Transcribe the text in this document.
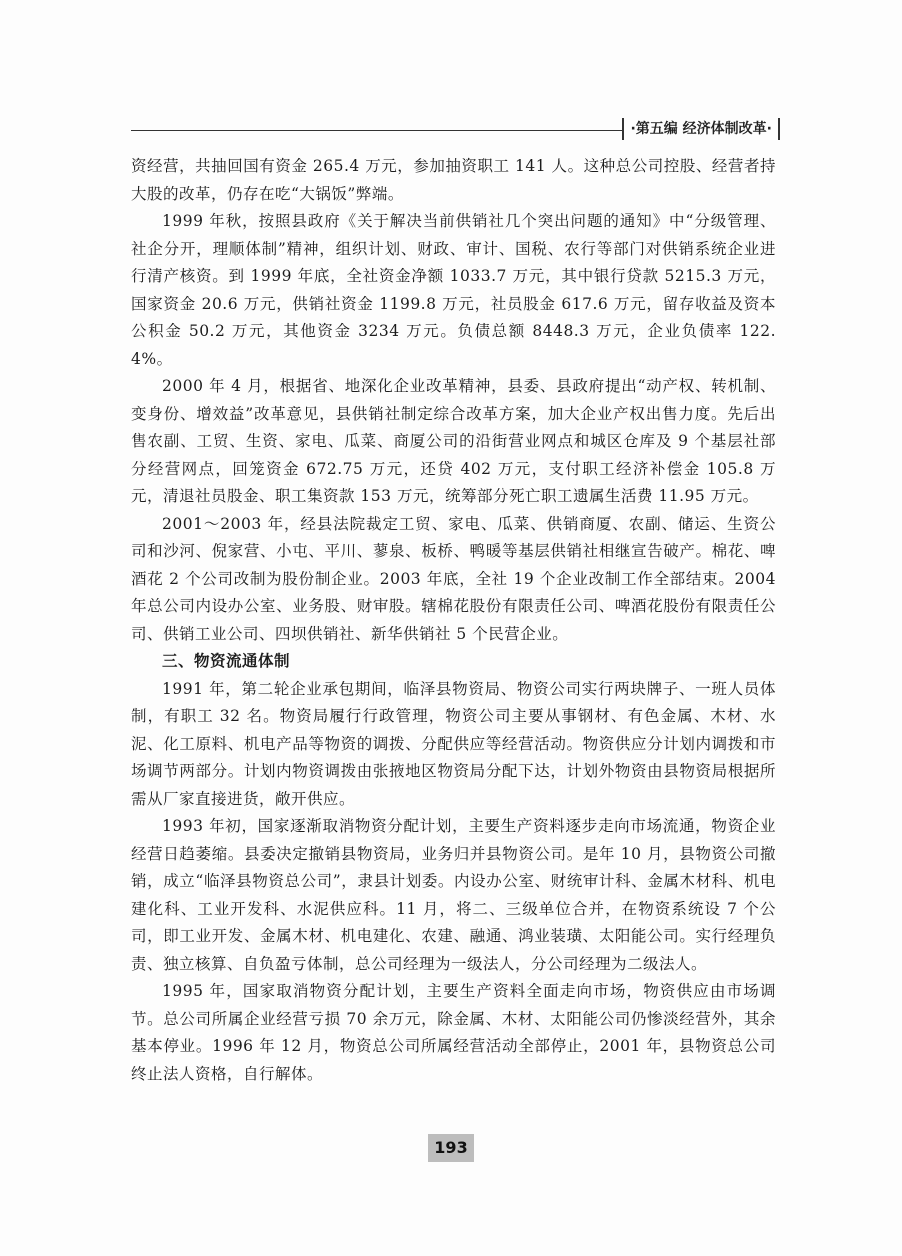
·第五编 经济体制改革·

资经营，共抽回国有资金 265.4 万元，参加抽资职工 141 人。这种总公司控股、经营者持大股的改革，仍存在吃“大锅饭”弊端。

1999 年秋，按照县政府《关于解决当前供销社几个突出问题的通知》中“分级管理、社企分开，理顺体制”精神，组织计划、财政、审计、国税、农行等部门对供销系统企业进行清产核资。到 1999 年底，全社资金净额 1033.7 万元，其中银行贷款 5215.3 万元，国家资金 20.6 万元，供销社资金 1199.8 万元，社员股金 617.6 万元，留存收益及资本公积金 50.2 万元，其他资金 3234 万元。负债总额 8448.3 万元，企业负债率 122.4%。

2000 年 4 月，根据省、地深化企业改革精神，县委、县政府提出“动产权、转机制、变身份、增效益”改革意见，县供销社制定综合改革方案，加大企业产权出售力度。先后出售农副、工贸、生资、家电、瓜菜、商厦公司的沿街营业网点和城区仓库及 9 个基层社部分经营网点，回笼资金 672.75 万元，还贷 402 万元，支付职工经济补偿金 105.8 万元，清退社员股金、职工集资款 153 万元，统筹部分死亡职工遗属生活费 11.95 万元。

2001～2003 年，经县法院裁定工贸、家电、瓜菜、供销商厦、农副、储运、生资公司和沙河、倪家营、小屯、平川、蓼泉、板桥、鸭暖等基层供销社相继宣告破产。棉花、啤酒花 2 个公司改制为股份制企业。2003 年底，全社 19 个企业改制工作全部结束。2004 年总公司内设办公室、业务股、财审股。辖棉花股份有限责任公司、啤酒花股份有限责任公司、供销工业公司、四坝供销社、新华供销社 5 个民营企业。

三、物资流通体制

1991 年，第二轮企业承包期间，临泽县物资局、物资公司实行两块牌子、一班人员体制，有职工 32 名。物资局履行行政管理，物资公司主要从事钢材、有色金属、木材、水泥、化工原料、机电产品等物资的调拨、分配供应等经营活动。物资供应分计划内调拨和市场调节两部分。计划内物资调拨由张掖地区物资局分配下达，计划外物资由县物资局根据所需从厂家直接进货，敞开供应。

1993 年初，国家逐渐取消物资分配计划，主要生产资料逐步走向市场流通，物资企业经营日趋萎缩。县委决定撤销县物资局，业务归并县物资公司。是年 10 月，县物资公司撤销，成立“临泽县物资总公司”，隶县计划委。内设办公室、财统审计科、金属木材科、机电建化科、工业开发科、水泥供应科。11 月，将二、三级单位合并，在物资系统设 7 个公司，即工业开发、金属木材、机电建化、农建、融通、鸿业装璜、太阳能公司。实行经理负责、独立核算、自负盈亏体制，总公司经理为一级法人，分公司经理为二级法人。

1995 年，国家取消物资分配计划，主要生产资料全面走向市场，物资供应由市场调节。总公司所属企业经营亏损 70 余万元，除金属、木材、太阳能公司仍惨淡经营外，其余基本停业。1996 年 12 月，物资总公司所属经营活动全部停止，2001 年，县物资总公司终止法人资格，自行解体。

193
